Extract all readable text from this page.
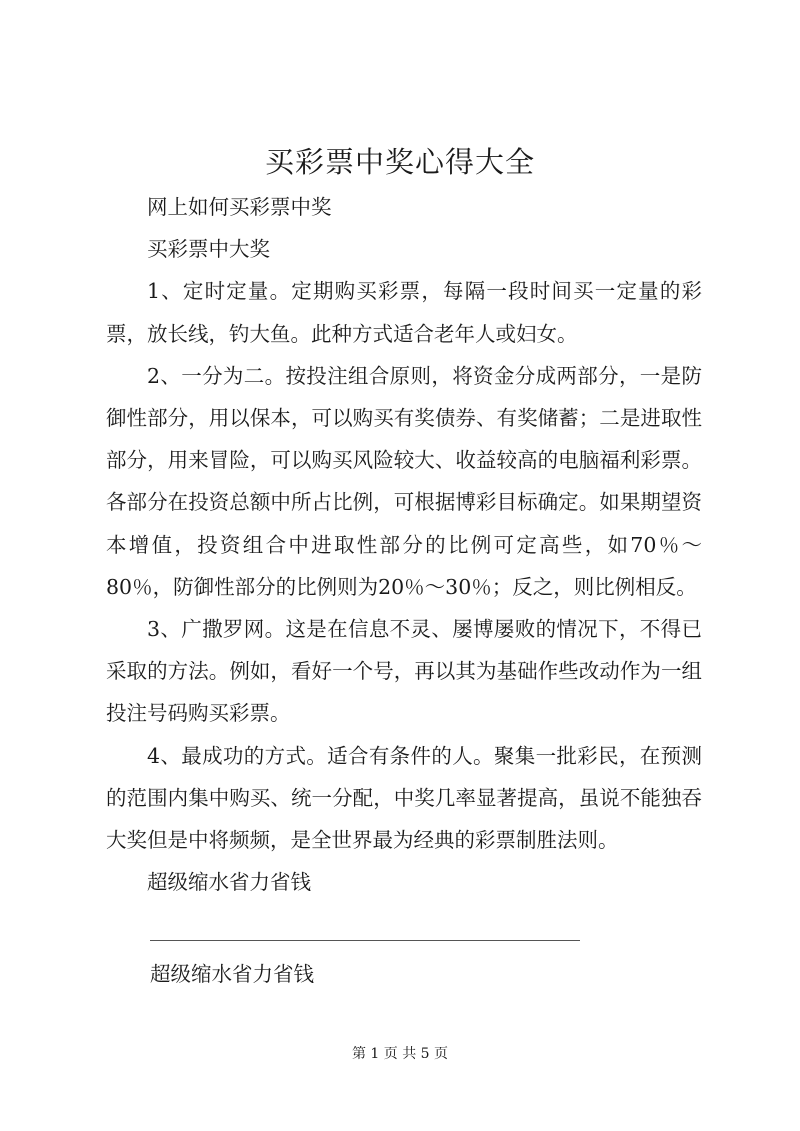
买彩票中奖心得大全

网上如何买彩票中奖

买彩票中大奖

1、定时定量。定期购买彩票，每隔一段时间买一定量的彩票，放长线，钓大鱼。此种方式适合老年人或妇女。

2、一分为二。按投注组合原则，将资金分成两部分，一是防御性部分，用以保本，可以购买有奖债券、有奖储蓄；二是进取性部分，用来冒险，可以购买风险较大、收益较高的电脑福利彩票。各部分在投资总额中所占比例，可根据博彩目标确定。如果期望资本增值，投资组合中进取性部分的比例可定高些，如70％～80％，防御性部分的比例则为20％～30％；反之，则比例相反。

3、广撒罗网。这是在信息不灵、屡博屡败的情况下，不得已采取的方法。例如，看好一个号，再以其为基础作些改动作为一组投注号码购买彩票。

4、最成功的方式。适合有条件的人。聚集一批彩民，在预测的范围内集中购买、统一分配，中奖几率显著提高，虽说不能独吞大奖但是中将频频，是全世界最为经典的彩票制胜法则。

超级缩水省力省钱

超级缩水省力省钱
第 1 页 共 5 页
